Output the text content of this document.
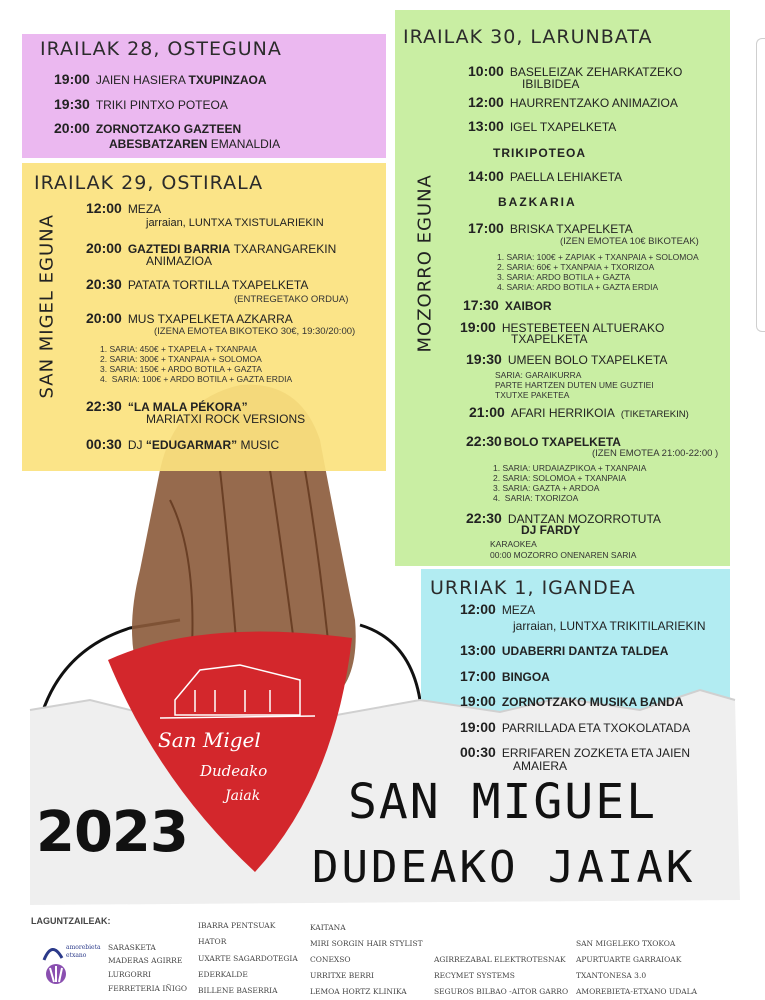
IRAILAK 28, OSTEGUNA
19:00 JAIEN HASIERA TXUPINZAOA
19:30 TRIKI PINTXO POTEOA
20:00 ZORNOTZAKO GAZTEEN
ABESBATZAREN EMANALDIA
IRAILAK 29, OSTIRALA
SAN MIGEL EGUNA
12:00 MEZA
jarraian, LUNTXA TXISTULARIEKIN
20:00 GAZTEDI BARRIA TXARANGAREKIN
ANIMAZIOA
20:30 PATATA TORTILLA TXAPELKETA
(ENTREGETAKO ORDUA)
20:00 MUS TXAPELKETA AZKARRA
(IZENA EMOTEA BIKOTEKO 30€, 19:30/20:00)
1. SARIA: 450€ + TXAPELA + TXANPAIA
2. SARIA: 300€ + TXANPAIA + SOLOMOA
3. SARIA: 150€ + ARDO BOTILA + GAZTA
4.  SARIA: 100€ + ARDO BOTILA + GAZTA ERDIA
22:30 “LA MALA PÉKORA”
MARIATXI ROCK VERSIONS
00:30 DJ “EDUGARMAR” MUSIC
IRAILAK 30, LARUNBATA
MOZORRO EGUNA
10:00 BASELEIZAK ZEHARKATZEKO
IBILBIDEA
12:00 HAURRENTZAKO ANIMAZIOA
13:00 IGEL TXAPELKETA
TRIKIPOTEOA
14:00 PAELLA LEHIAKETA
BAZKARIA
17:00 BRISKA TXAPELKETA
(IZEN EMOTEA 10€ BIKOTEAK)
1. SARIA: 100€ + ZAPIAK + TXANPAIA + SOLOMOA
2. SARIA: 60€ + TXANPAIA + TXORIZOA
3. SARIA: ARDO BOTILA + GAZTA
4. SARIA: ARDO BOTILA + GAZTA ERDIA
17:30 XAIBOR
19:00 HESTEBETEEN ALTUERAKO
TXAPELKETA
19:30 UMEEN BOLO TXAPELKETA
SARIA: GARAIKURRA
PARTE HARTZEN DUTEN UME GUZTIEI
TXUTXE PAKETEA
21:00 AFARI HERRIKOIA (TIKETAREKIN)
22:30 BOLO TXAPELKETA
(IZEN EMOTEA 21:00-22:00 )
1. SARIA: URDAIAZPIKOA + TXANPAIA
2. SARIA: SOLOMOA + TXANPAIA
3. SARIA: GAZTA + ARDOA
4.  SARIA: TXORIZOA
22:30 DANTZAN MOZORROTUTA
DJ FARDY
KARAOKEA
00:00 MOZORRO ONENAREN SARIA
URRIAK 1, IGANDEA
12:00 MEZA
jarraian, LUNTXA TRIKITILARIEKIN
San Migel
Dudeako
Jaiak
13:00 UDABERRI DANTZA TALDEA
17:00 BINGOA
19:00 ZORNOTZAKO MUSIKA BANDA
19:00 PARRILLADA ETA TXOKOLATADA
00:30 ERRIFAREN ZOZKETA ETA JAIEN
AMAIERA
2023	SAN MIGUEL
DUDEAKO JAIAK
LAGUNTZAILEAK:
amorebieta etxano
SARASKETA
MADERAS AGIRRE
LURGORRI
FERRETERIA IÑIGO
IBARRA PENTSUAK
HATOR
UXARTE SAGARDOTEGIA
EDERKALDE
BILLENE BASERRIA
KAITANA
MIRI SORGIN HAIR STYLIST
CONEXSO
URRITXE BERRI
LEMOA HORTZ KLINIKA
AGIRREZABAL ELEKTROTESNAK
RECYMET SYSTEMS
SEGUROS BILBAO -AITOR GARRO
SAN MIGELEKO TXOKOA
APURTUARTE GARRAIOAK
TXANTONESA 3.0
AMOREBIETA-ETXANO UDALA
